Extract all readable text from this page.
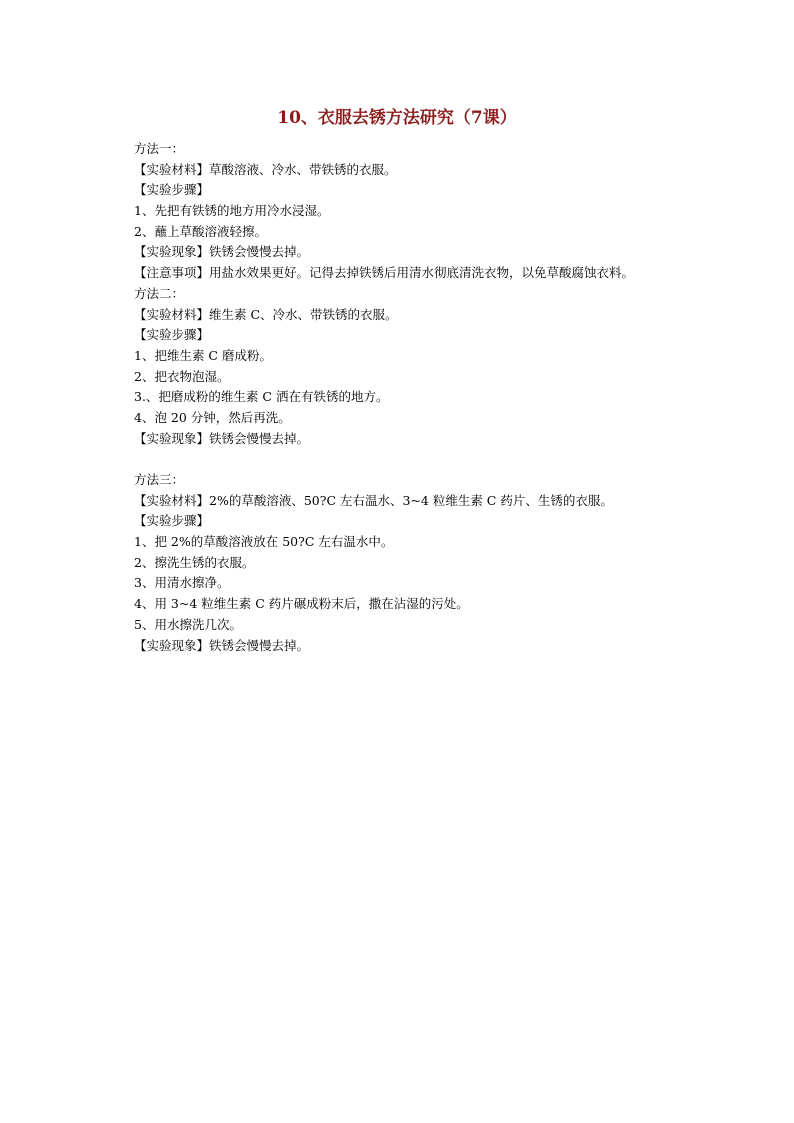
10、衣服去锈方法研究（7课）
方法一：
【实验材料】草酸溶液、冷水、带铁锈的衣服。
【实验步骤】
1、先把有铁锈的地方用冷水浸湿。
2、蘸上草酸溶液轻擦。
【实验现象】铁锈会慢慢去掉。
【注意事项】用盐水效果更好。记得去掉铁锈后用清水彻底清洗衣物，以免草酸腐蚀衣料。
方法二：
【实验材料】维生素 C、冷水、带铁锈的衣服。
【实验步骤】
1、把维生素 C 磨成粉。
2、把衣物泡湿。
3.、把磨成粉的维生素 C 洒在有铁锈的地方。
4、泡 20 分钟，然后再洗。
【实验现象】铁锈会慢慢去掉。
方法三：
【实验材料】2%的草酸溶液、50?C 左右温水、3~4 粒维生素 C 药片、生锈的衣服。
【实验步骤】
1、把 2%的草酸溶液放在 50?C 左右温水中。
2、擦洗生锈的衣服。
3、用清水擦净。
4、用 3~4 粒维生素 C 药片碾成粉末后，撒在沾湿的污处。
5、用水擦洗几次。
【实验现象】铁锈会慢慢去掉。
